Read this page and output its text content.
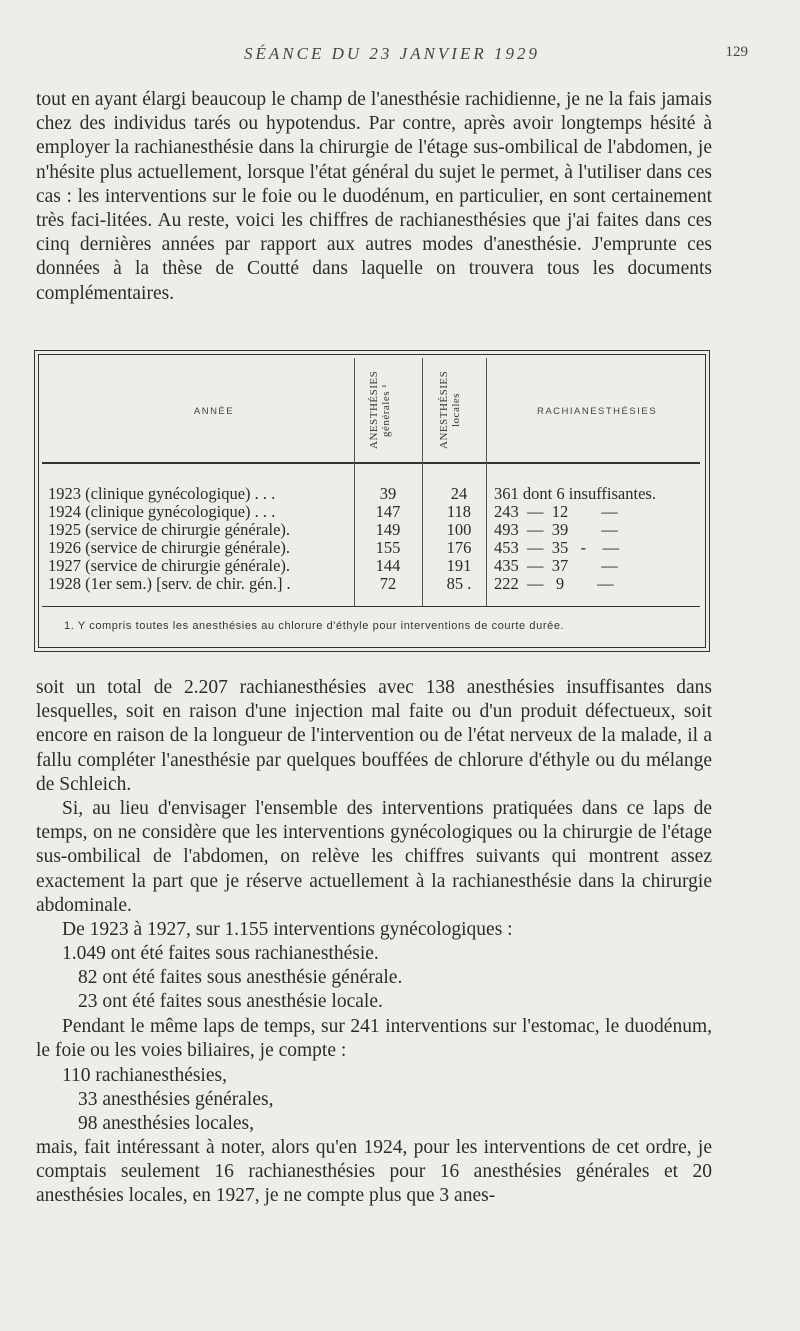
SÉANCE DU 23 JANVIER 1929	129

tout en ayant élargi beaucoup le champ de l'anesthésie rachidienne, je ne la fais jamais chez des individus tarés ou hypotendus. Par contre, après avoir longtemps hésité à employer la rachianesthésie dans la chirurgie de l'étage sus-ombilical de l'abdomen, je n'hésite plus actuellement, lorsque l'état général du sujet le permet, à l'utiliser dans ces cas : les interventions sur le foie ou le duodénum, en particulier, en sont certainement très faci-litées. Au reste, voici les chiffres de rachianesthésies que j'ai faites dans ces cinq dernières années par rapport aux autres modes d'anesthésie. J'emprunte ces données à la thèse de Coutté dans laquelle on trouvera tous les documents complémentaires.

ANNÉE	ANESTHÉSIES générales ¹	ANESTHÉSIES locales	RACHIANESTHÉSIES
1923 (clinique gynécologique) . . .	39	24	361 dont 6 insuffisantes.
1924 (clinique gynécologique) . . .	147	118	243  —  12        —
1925 (service de chirurgie générale).	149	100	493  —  39        —
1926 (service de chirurgie générale).	155	176	453  —  35   -    —
1927 (service de chirurgie générale).	144	191	435  —  37        —
1928 (1er sem.) [serv. de chir. gén.] .	72	85 .	222  —   9        —
1. Y compris toutes les anesthésies au chlorure d'éthyle pour interventions de courte durée.

soit un total de 2.207 rachianesthésies avec 138 anesthésies insuffisantes dans lesquelles, soit en raison d'une injection mal faite ou d'un produit défectueux, soit encore en raison de la longueur de l'intervention ou de l'état nerveux de la malade, il a fallu compléter l'anesthésie par quelques bouffées de chlorure d'éthyle ou du mélange de Schleich.

Si, au lieu d'envisager l'ensemble des interventions pratiquées dans ce laps de temps, on ne considère que les interventions gynécologiques ou la chirurgie de l'étage sus-ombilical de l'abdomen, on relève les chiffres suivants qui montrent assez exactement la part que je réserve actuellement à la rachianesthésie dans la chirurgie abdominale.

De 1923 à 1927, sur 1.155 interventions gynécologiques :
1.049 ont été faites sous rachianesthésie.
82 ont été faites sous anesthésie générale.
23 ont été faites sous anesthésie locale.

Pendant le même laps de temps, sur 241 interventions sur l'estomac, le duodénum, le foie ou les voies biliaires, je compte :

110 rachianesthésies,
33 anesthésies générales,
98 anesthésies locales,

mais, fait intéressant à noter, alors qu'en 1924, pour les interventions de cet ordre, je comptais seulement 16 rachianesthésies pour 16 anesthésies générales et 20 anesthésies locales, en 1927, je ne compte plus que 3 anes-
